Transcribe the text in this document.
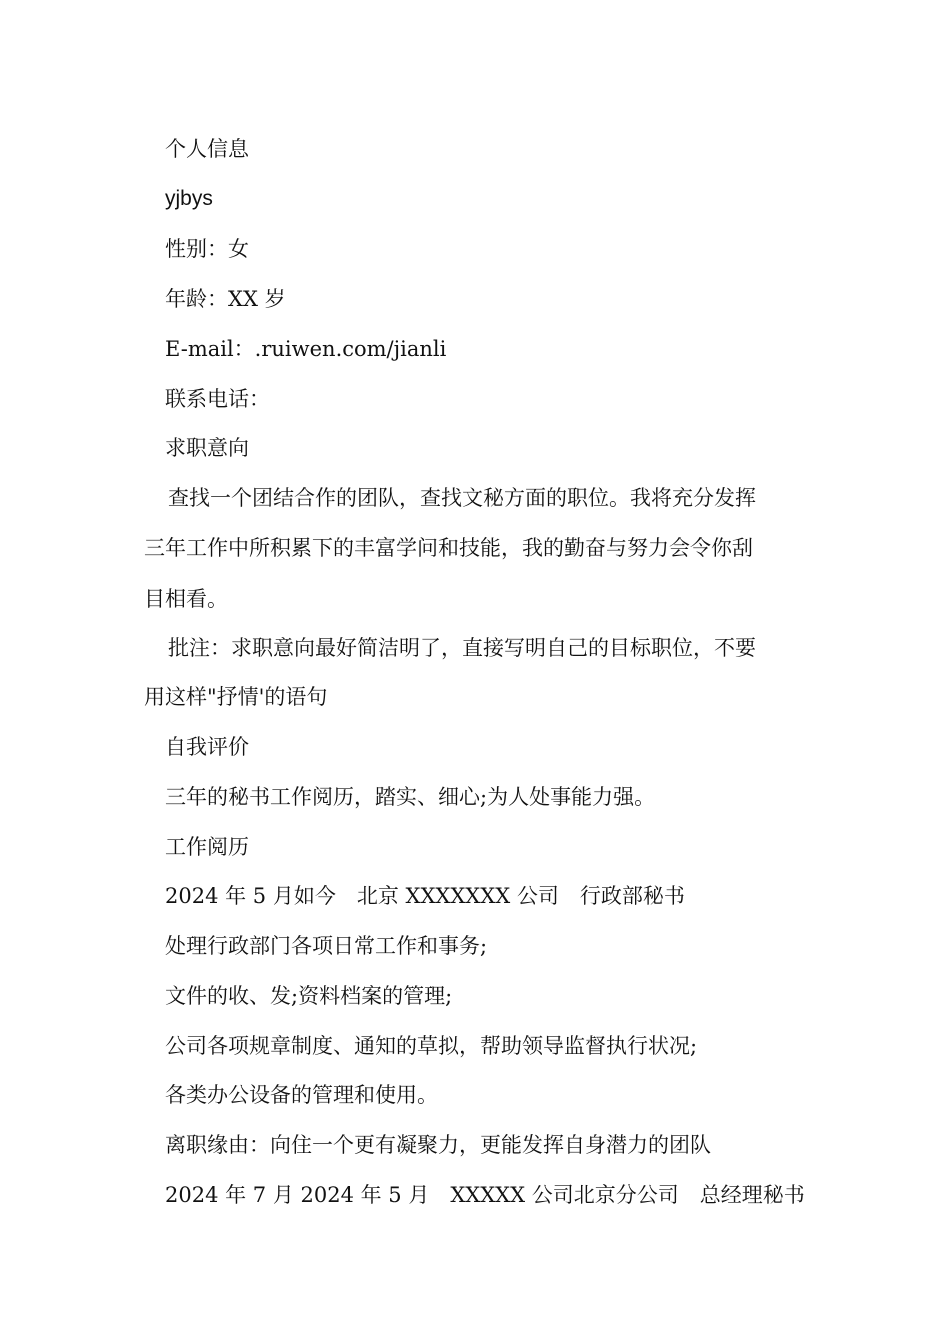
个人信息
yjbys
性别：女
年龄：XX 岁
E-mail：.ruiwen.com/jianli
联系电话：
求职意向
查找一个团结合作的团队，查找文秘方面的职位。我将充分发挥
三年工作中所积累下的丰富学问和技能，我的勤奋与努力会令你刮
目相看。
批注：求职意向最好简洁明了，直接写明自己的目标职位，不要
用这样"抒情'的语句
自我评价
三年的秘书工作阅历，踏实、细心;为人处事能力强。
工作阅历
2024 年 5 月如今　北京 XXXXXXX 公司　行政部秘书
处理行政部门各项日常工作和事务;
文件的收、发;资料档案的管理;
公司各项规章制度、通知的草拟，帮助领导监督执行状况;
各类办公设备的管理和使用。
离职缘由：向住一个更有凝聚力，更能发挥自身潜力的团队
2024 年 7 月 2024 年 5 月　XXXXX 公司北京分公司　总经理秘书
